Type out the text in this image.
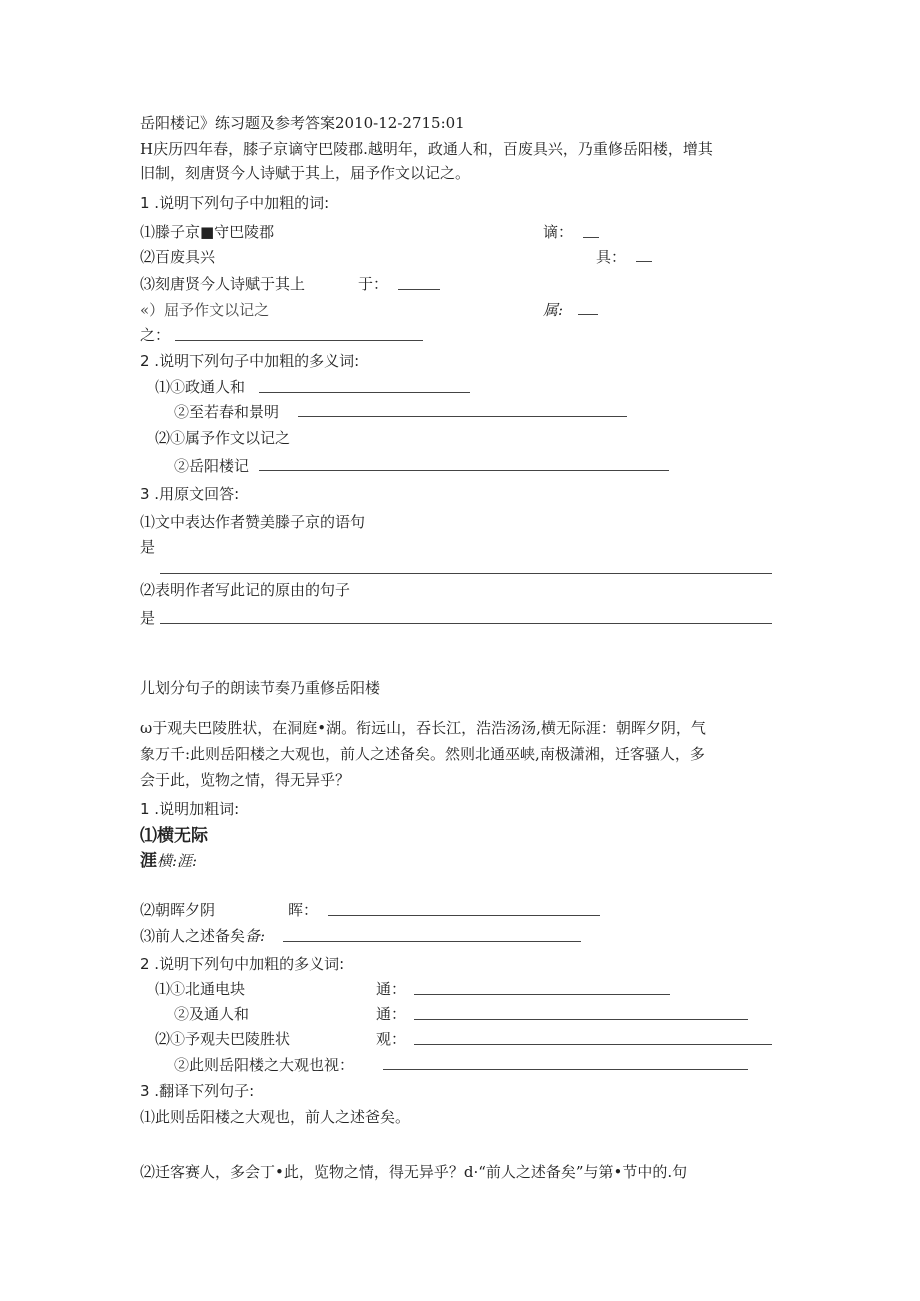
岳阳楼记》练习题及参考答案2010-12-2715:01
H庆历四年春，膝子京谪守巴陵郡.越明年，政通人和，百废具兴，乃重修岳阳楼，增其
旧制，刻唐贤今人诗赋于其上，届予作文以记之。
1 .说明下列句子中加粗的词:
⑴滕子京■守巴陵郡	谪：
⑵百废具兴	具：
⑶刻唐贤今人诗赋于其上	于：
«）屈予作文以记之	属:
之：
2 .说明下列句子中加粗的多义词:
⑴①政通人和
②至若春和景明
⑵①属予作文以记之
②岳阳楼记
3 .用原文回答:
⑴文中表达作者赞美滕子京的语句
是
⑵表明作者写此记的原由的句子
是
儿划分句子的朗读节奏乃重修岳阳楼
ω于观夫巴陵胜状，在洞庭•湖。衔远山，吞长江，浩浩汤汤,横无际涯：朝晖夕阴，气
象万千:此则岳阳楼之大观也，前人之述备矣。然则北通巫峡,南极潇湘，迁客骚人，多
会于此，览物之情，得无异乎？
1 .说明加粗词:
⑴横无际
涯横:涯:
⑵朝晖夕阴	晖：
⑶前人之述备矣备:
2 .说明下列句中加粗的多义词:
⑴①北通电块	通：
②及通人和	通：
⑵①予观夫巴陵胜状	观：
②此则岳阳楼之大观也视：
3 .翻译下列句子:
⑴此则岳阳楼之大观也，前人之述爸矣。
⑵迁客赛人，多会丁•此，览物之情，得无异乎？d·“前人之述备矣”与第•节中的.句
